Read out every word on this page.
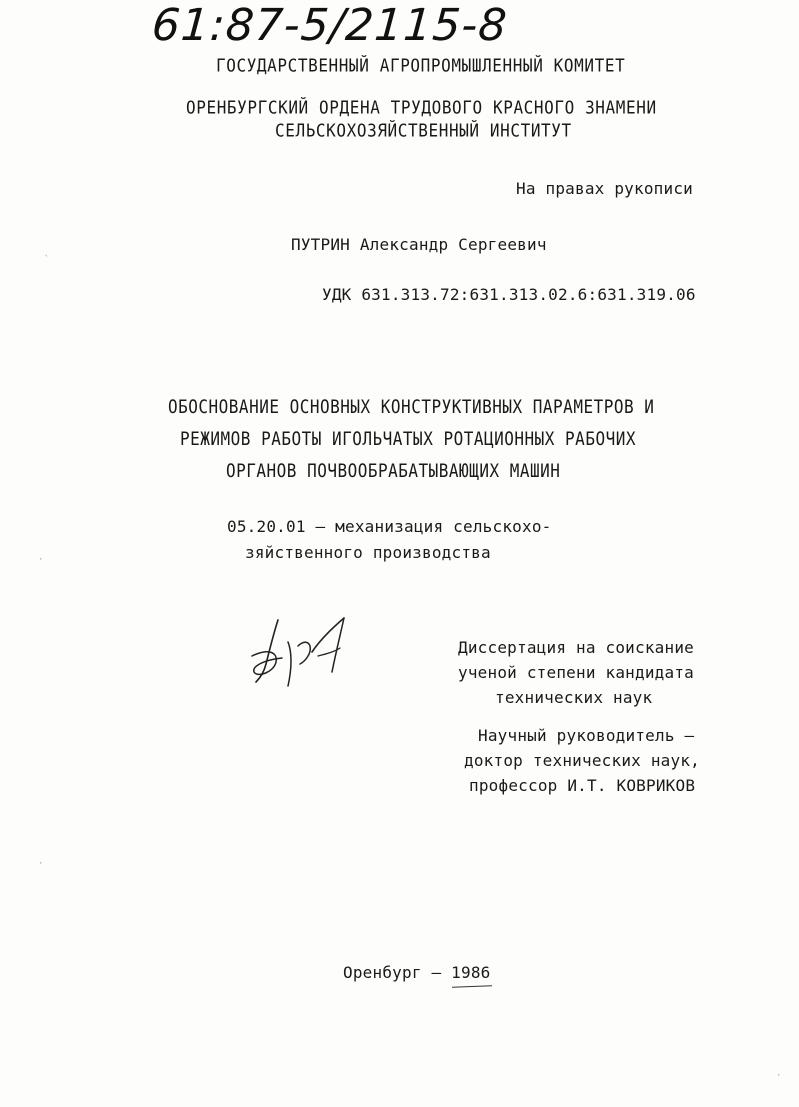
61:87-5/2115-8
ГОСУДАРСТВЕННЫЙ АГРОПРОМЫШЛЕННЫЙ КОМИТЕТ
ОРЕНБУРГСКИЙ ОРДЕНА ТРУДОВОГО КРАСНОГО ЗНАМЕНИ
СЕЛЬСКОХОЗЯЙСТВЕННЫЙ ИНСТИТУТ
На правах рукописи
ПУТРИН Александр Сергеевич
УДК 631.313.72:631.313.02.6:631.319.06
ОБОСНОВАНИЕ ОСНОВНЫХ КОНСТРУКТИВНЫХ ПАРАМЕТРОВ И
РЕЖИМОВ РАБОТЫ ИГОЛЬЧАТЫХ РОТАЦИОННЫХ РАБОЧИХ
ОРГАНОВ ПОЧВООБРАБАТЫВАЮЩИХ МАШИН
05.20.01 – механизация сельскохо-
зяйственного производства
Диссертация на соискание
ученой степени кандидата
технических наук
Научный руководитель –
доктор технических наук,
профессор И.Т. КОВРИКОВ
Оренбург – 1986
`
·
·
·
